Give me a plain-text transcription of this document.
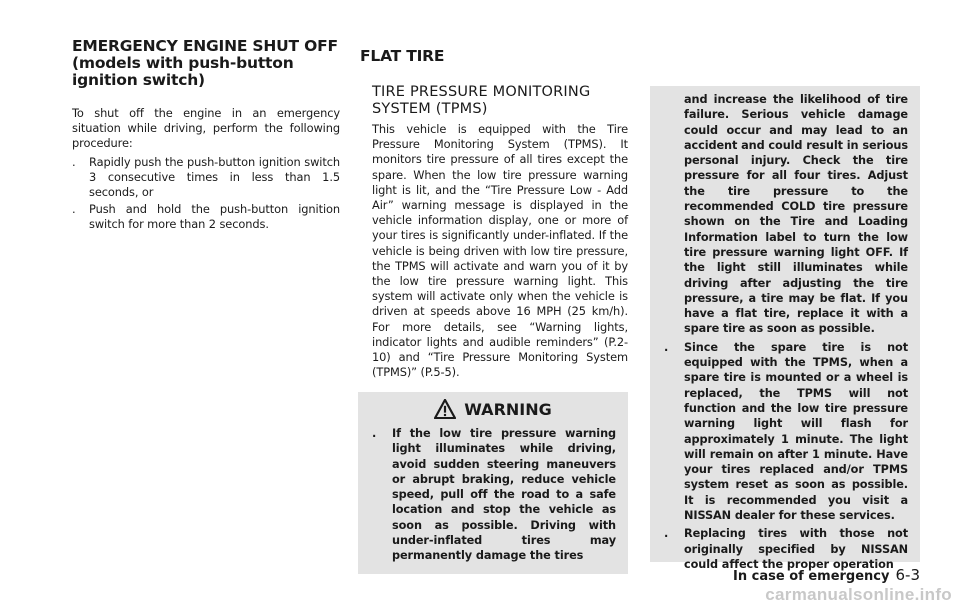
EMERGENCY ENGINE SHUT OFF (models with push-button ignition switch)

To shut off the engine in an emergency situation while driving, perform the following procedure:

. Rapidly push the push-button ignition switch 3 consecutive times in less than 1.5 seconds, or
. Push and hold the push-button ignition switch for more than 2 seconds.
FLAT TIRE
TIRE PRESSURE MONITORING SYSTEM (TPMS)

This vehicle is equipped with the Tire Pressure Monitoring System (TPMS). It monitors tire pressure of all tires except the spare. When the low tire pressure warning light is lit, and the “Tire Pressure Low - Add Air” warning message is displayed in the vehicle information display, one or more of your tires is significantly under-inflated. If the vehicle is being driven with low tire pressure, the TPMS will activate and warn you of it by the low tire pressure warning light. This system will activate only when the vehicle is driven at speeds above 16 MPH (25 km/h). For more details, see “Warning lights, indicator lights and audible reminders” (P.2-10) and “Tire Pressure Monitoring System (TPMS)” (P.5-5).

WARNING
. If the low tire pressure warning light illuminates while driving, avoid sudden steering maneuvers or abrupt braking, reduce vehicle speed, pull off the road to a safe location and stop the vehicle as soon as possible. Driving with under-inflated tires may permanently damage the tires
and increase the likelihood of tire failure. Serious vehicle damage could occur and may lead to an accident and could result in serious personal injury. Check the tire pressure for all four tires. Adjust the tire pressure to the recommended COLD tire pressure shown on the Tire and Loading Information label to turn the low tire pressure warning light OFF. If the light still illuminates while driving after adjusting the tire pressure, a tire may be flat. If you have a flat tire, replace it with a spare tire as soon as possible.
. Since the spare tire is not equipped with the TPMS, when a spare tire is mounted or a wheel is replaced, the TPMS will not function and the low tire pressure warning light will flash for approximately 1 minute. The light will remain on after 1 minute. Have your tires replaced and/or TPMS system reset as soon as possible. It is recommended you visit a NISSAN dealer for these services.
. Replacing tires with those not originally specified by NISSAN could affect the proper operation
In case of emergency 6-3
carmanualsonline.info
